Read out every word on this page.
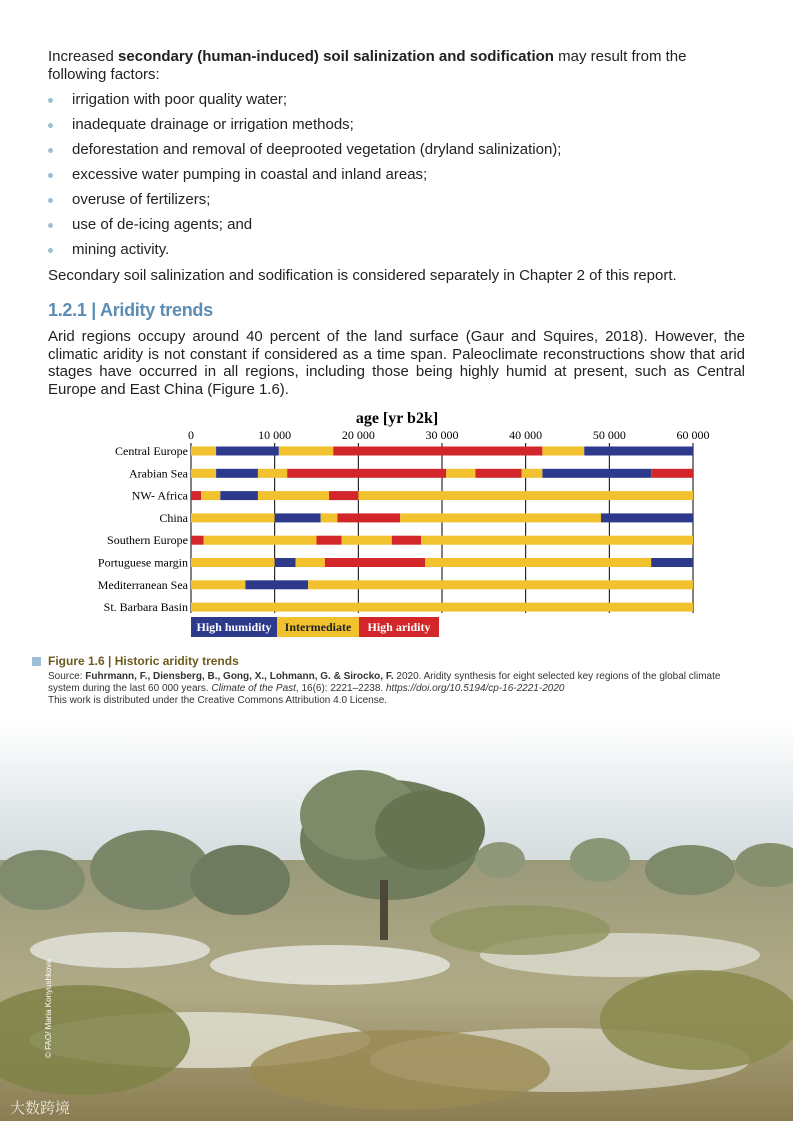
Increased secondary (human-induced) soil salinization and sodification may result from the following factors:
irrigation with poor quality water;
inadequate drainage or irrigation methods;
deforestation and removal of deeprooted vegetation (dryland salinization);
excessive water pumping in coastal and inland areas;
overuse of fertilizers;
use of de-icing agents; and
mining activity.
Secondary soil salinization and sodification is considered separately in Chapter 2 of this report.
1.2.1 | Aridity trends
Arid regions occupy around 40 percent of the land surface (Gaur and Squires, 2018). However, the climatic aridity is not constant if considered as a time span. Paleoclimate reconstructions show that arid stages have occurred in all regions, including those being highly humid at present, such as Central Europe and East China (Figure 1.6).
age [yr b2k]
0	10 000	20 000	30 000	40 000	50 000	60 000
Central Europe
Arabian Sea
NW- Africa
China
Southern Europe
Portuguese margin
Mediterranean Sea
St. Barbara Basin
High humidity Intermediate High aridity
Figure 1.6 | Historic aridity trends
Source: Fuhrmann, F., Diensberg, B., Gong, X., Lohmann, G. & Sirocko, F. 2020. Aridity synthesis for eight selected key regions of the global climate system during the last 60 000 years. Climate of the Past, 16(6): 2221–2238. https://doi.org/10.5194/cp-16-2221-2020
This work is distributed under the Creative Commons Attribution 4.0 License.
© FAO/ Maria Konyushkova
大数跨境
